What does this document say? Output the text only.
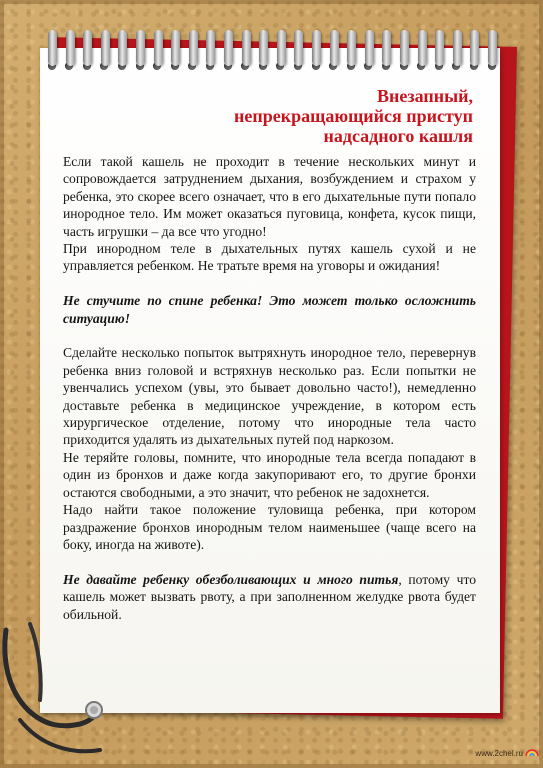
Внезапный,
непрекращающийся приступ
надсадного кашля

Если такой кашель не проходит в течение нескольких минут и сопровождается затруднением дыхания, возбуждением и страхом у ребенка, это скорее всего означает, что в его дыхательные пути попало инородное тело. Им может оказаться пуговица, конфета, кусок пищи, часть игрушки – да все что угодно!

При инородном теле в дыхательных путях кашель сухой и не управляется ребенком. Не тратьте время на уговоры и ожидания!

Не стучите по спине ребенка! Это может только осложнить ситуацию!

Сделайте несколько попыток вытряхнуть инородное тело, перевернув ребенка вниз головой и встряхнув несколько раз. Если попытки не увенчались успехом (увы, это бывает довольно часто!), немедленно доставьте ребенка в медицинское учреждение, в котором есть хирургическое отделение, потому что инородные тела часто приходится удалять из дыхательных путей под наркозом.

Не теряйте головы, помните, что инородные тела всегда попадают в один из бронхов и даже когда закупоривают его, то другие бронхи остаются свободными, а это значит, что ребенок не задохнется.

Надо найти такое положение туловища ребенка, при котором раздражение бронхов инородным телом наименьшее (чаще всего на боку, иногда на животе).

Не давайте ребенку обезболивающих и много питья, потому что кашель может вызвать рвоту, а при заполненном желудке рвота будет обильной.

www.2chel.ru
